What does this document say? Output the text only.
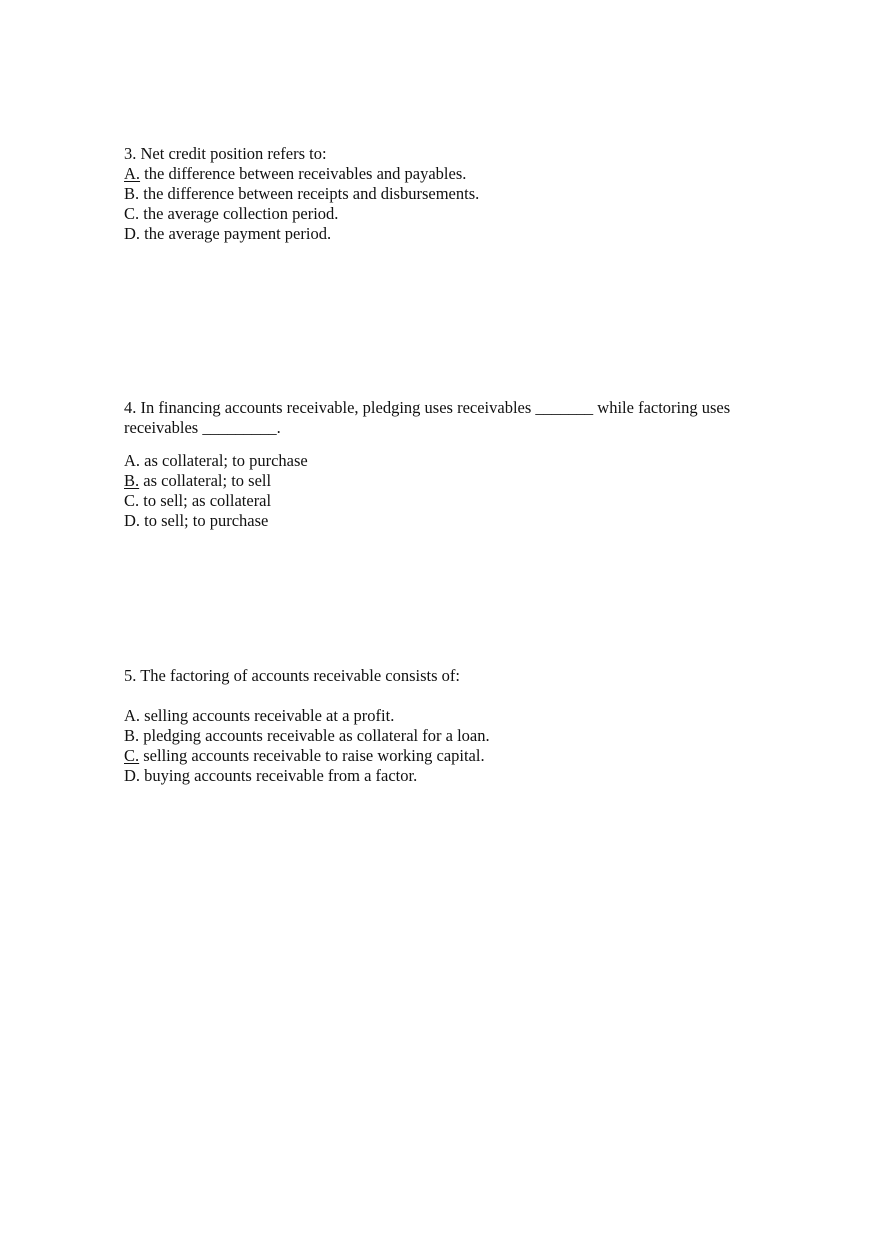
3. Net credit position refers to:

A. the difference between receivables and payables.
B. the difference between receipts and disbursements.
C. the average collection period.
D. the average payment period.

4. In financing accounts receivable, pledging uses receivables _______ while factoring uses receivables _________.

A. as collateral; to purchase
B. as collateral; to sell
C. to sell; as collateral
D. to sell; to purchase

5. The factoring of accounts receivable consists of:

A. selling accounts receivable at a profit.
B. pledging accounts receivable as collateral for a loan.
C. selling accounts receivable to raise working capital.
D. buying accounts receivable from a factor.
